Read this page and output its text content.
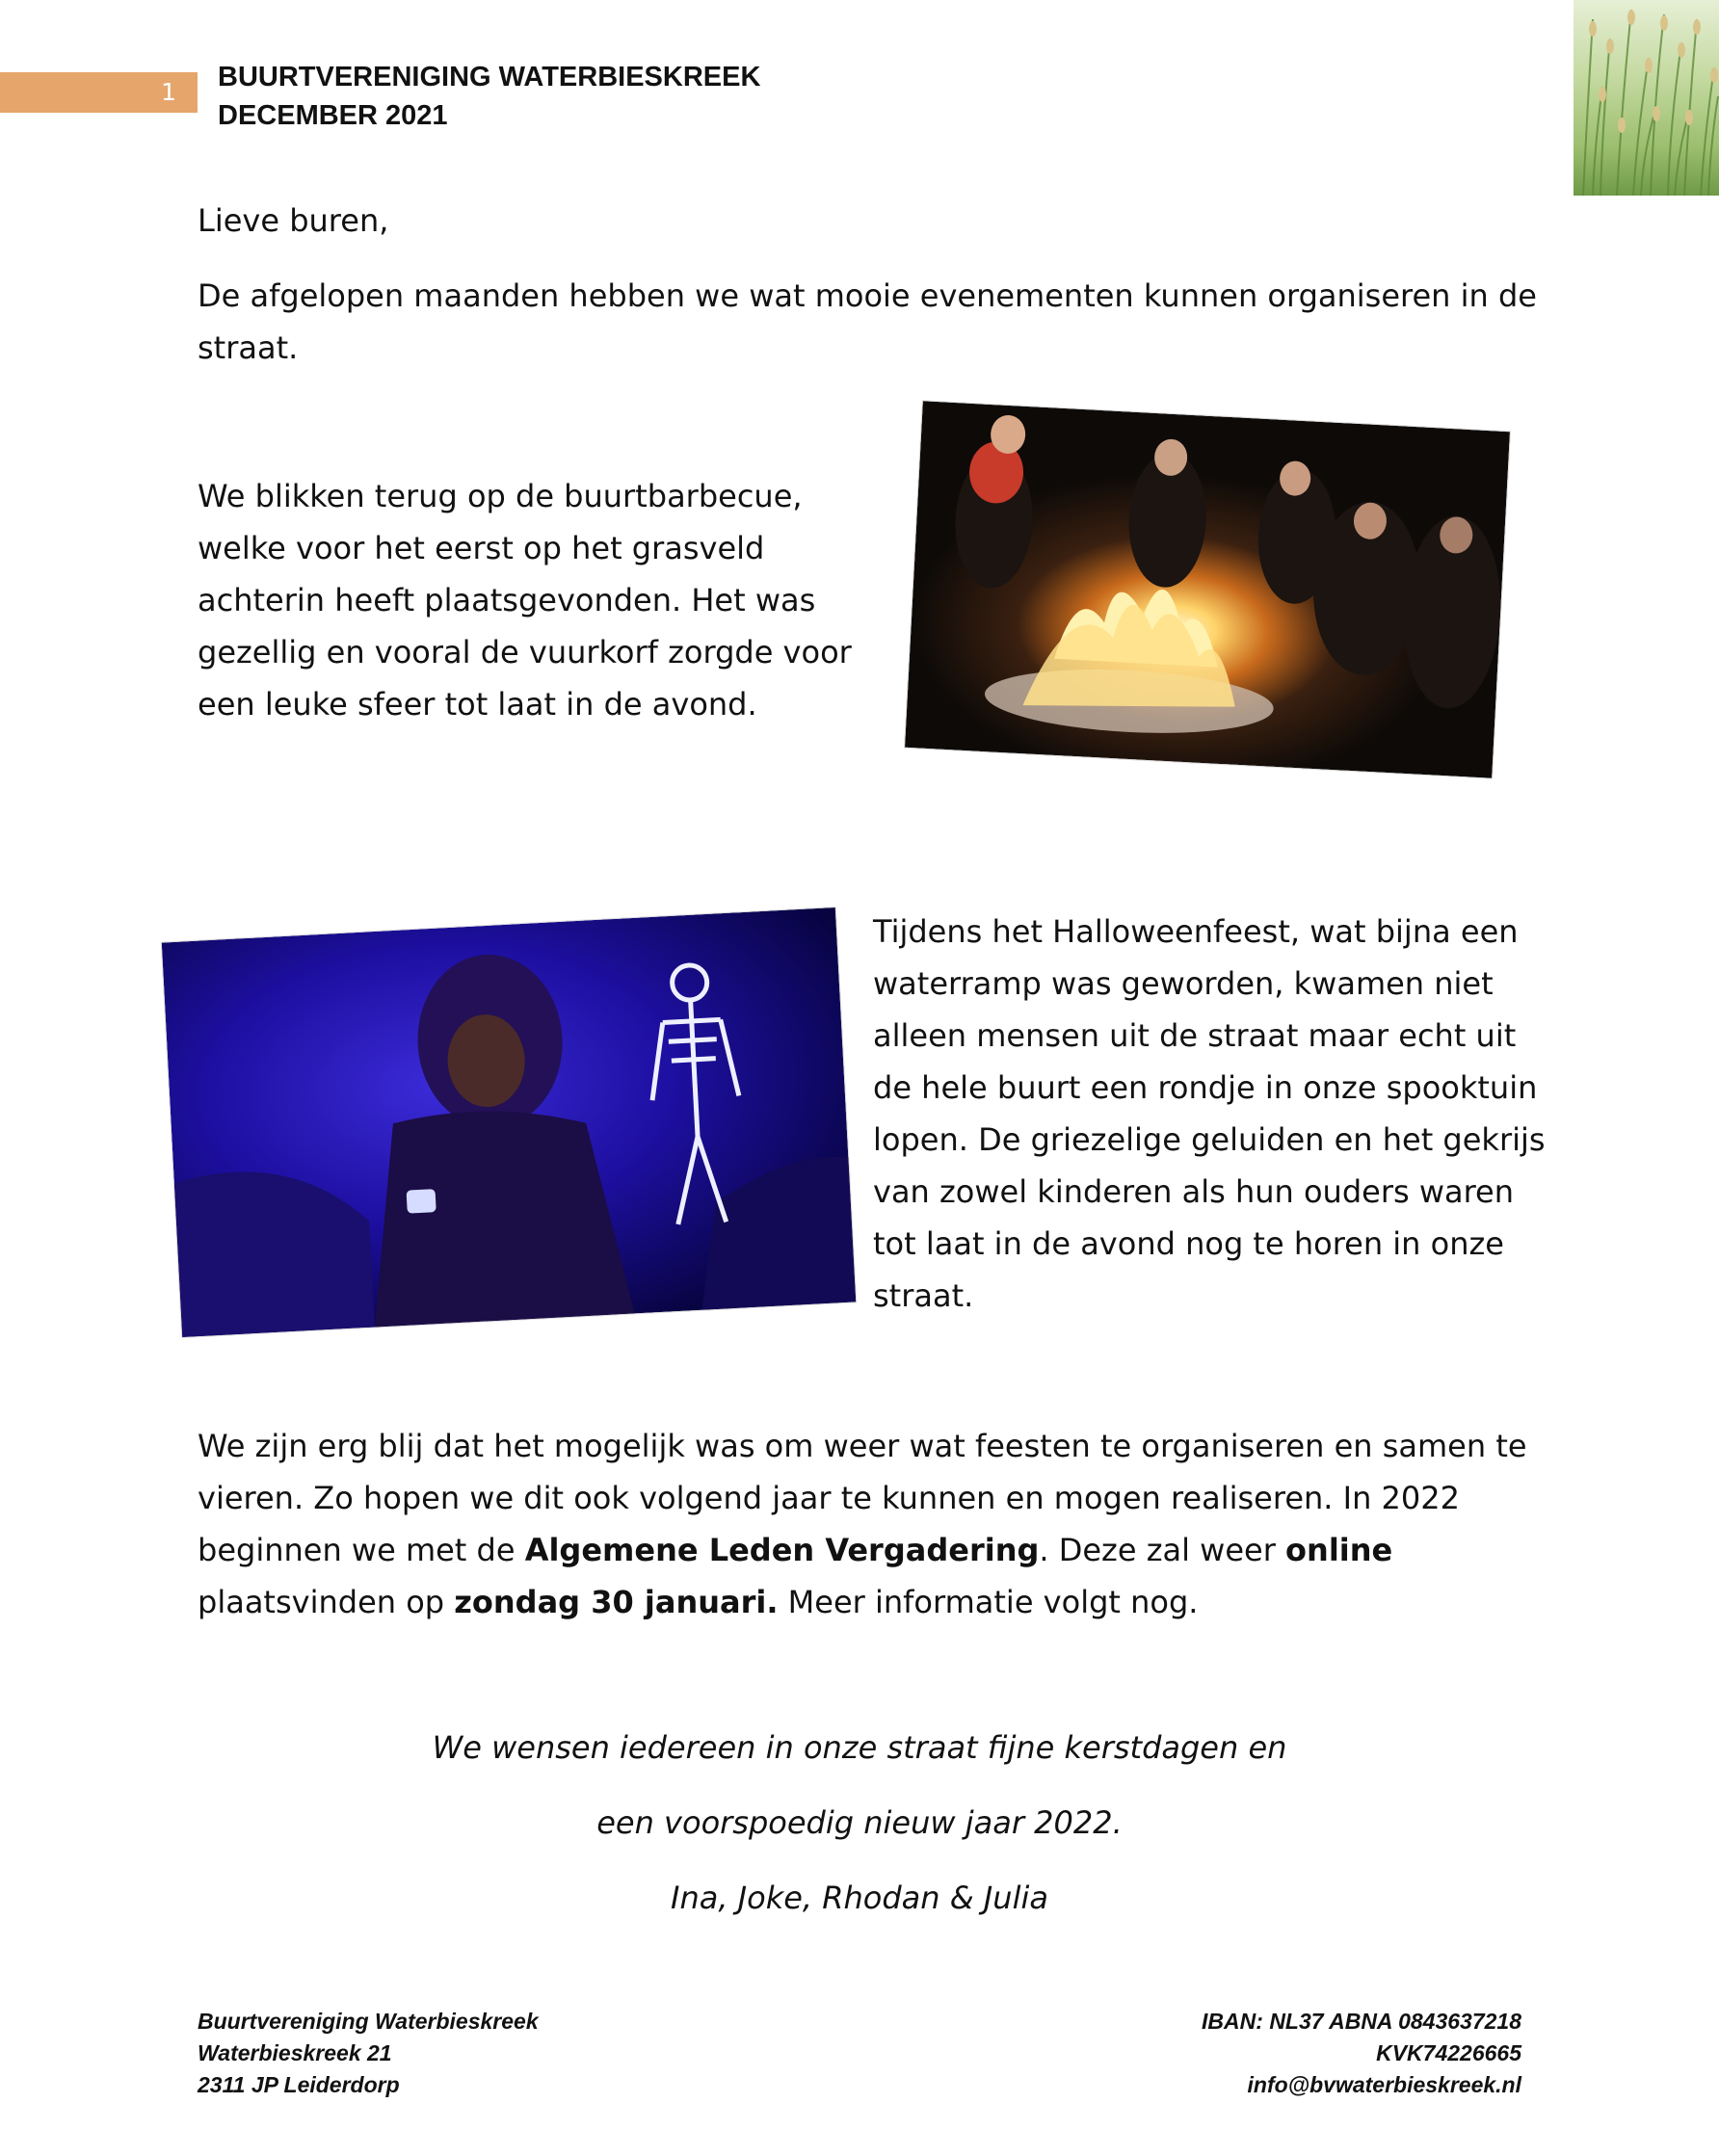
1	BUURTVERENIGING WATERBIESKREEK
DECEMBER 2021
Lieve buren,
De afgelopen maanden hebben we wat mooie evenementen kunnen organiseren in de straat.
We blikken terug op de buurtbarbecue, welke voor het eerst op het grasveld achterin heeft plaatsgevonden. Het was gezellig en vooral de vuurkorf zorgde voor een leuke sfeer tot laat in de avond.
Tijdens het Halloweenfeest, wat bijna een waterramp was geworden, kwamen niet alleen mensen uit de straat maar echt uit de hele buurt een rondje in onze spooktuin lopen. De griezelige geluiden en het gekrijs van zowel kinderen als hun ouders waren tot laat in de avond nog te horen in onze straat.
We zijn erg blij dat het mogelijk was om weer wat feesten te organiseren en samen te vieren. Zo hopen we dit ook volgend jaar te kunnen en mogen realiseren. In 2022 beginnen we met de Algemene Leden Vergadering. Deze zal weer online plaatsvinden op zondag 30 januari. Meer informatie volgt nog.
We wensen iedereen in onze straat fijne kerstdagen en
een voorspoedig nieuw jaar 2022.
Ina, Joke, Rhodan & Julia
Buurtvereniging Waterbieskreek
Waterbieskreek 21
2311 JP Leiderdorp
IBAN: NL37 ABNA 0843637218
KVK74226665
info@bvwaterbieskreek.nl
